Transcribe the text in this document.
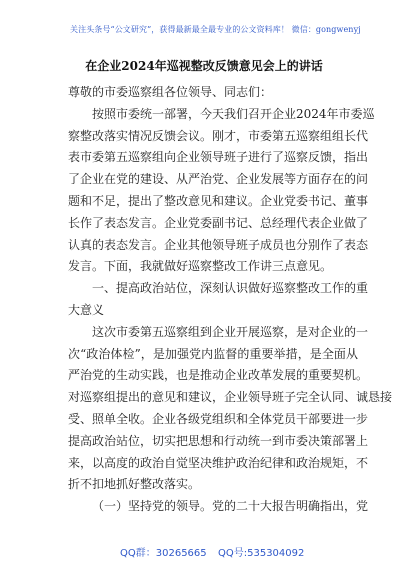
关注头条号“公文研究”，获得最新最全最专业的公文资料库！ 微信：gongwenyj
在企业2024年巡视整改反馈意见会上的讲话
尊敬的市委巡察组各位领导、同志们：
按照市委统一部署，今天我们召开企业2024年市委巡
察整改落实情况反馈会议。刚才，市委第五巡察组组长代
表市委第五巡察组向企业领导班子进行了巡察反馈，指出
了企业在党的建设、从严治党、企业发展等方面存在的问
题和不足，提出了整改意见和建议。企业党委书记、董事
长作了表态发言。企业党委副书记、总经理代表企业做了
认真的表态发言。企业其他领导班子成员也分别作了表态
发言。下面，我就做好巡察整改工作讲三点意见。
一、提高政治站位，深刻认识做好巡察整改工作的重
大意义
这次市委第五巡察组到企业开展巡察，是对企业的一
次“政治体检”，是加强党内监督的重要举措，是全面从
严治党的生动实践，也是推动企业改革发展的重要契机。
对巡察组提出的意见和建议，企业领导班子完全认同、诚恳接
受、照单全收。企业各级党组织和全体党员干部要进一步
提高政治站位，切实把思想和行动统一到市委决策部署上
来，以高度的政治自觉坚决维护政治纪律和政治规矩，不
折不扣地抓好整改落实。
（一）坚持党的领导。党的二十大报告明确指出，党
QQ群：30265665 QQ号:535304092
